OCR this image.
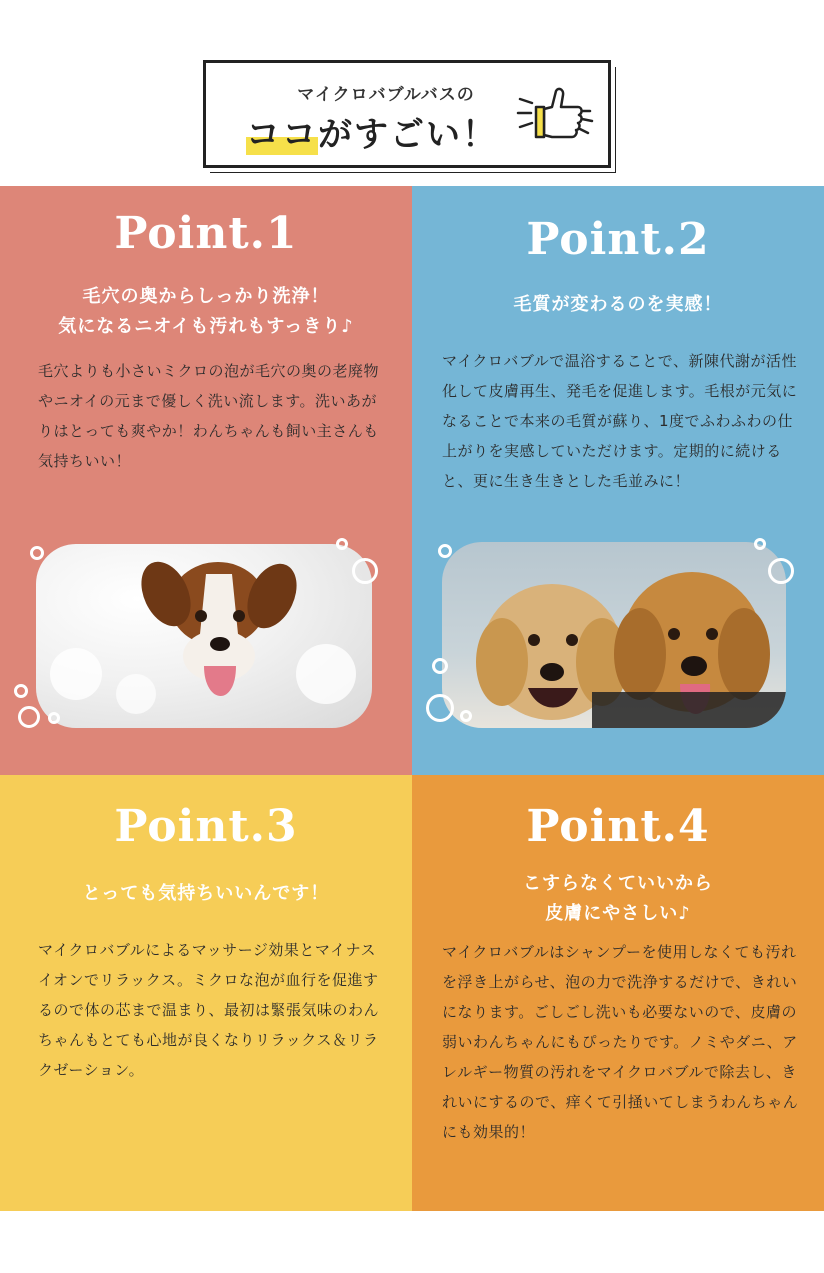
マイクロバブルバスの
ココがすごい！
Point.1
毛穴の奥からしっかり洗浄！
気になるニオイも汚れもすっきり♪
毛穴よりも小さいミクロの泡が毛穴の奥の老廃物やニオイの元まで優しく洗い流します。洗いあがりはとっても爽やか！わんちゃんも飼い主さんも気持ちいい！
Point.2
毛質が変わるのを実感！
マイクロバブルで温浴することで、新陳代謝が活性化して皮膚再生、発毛を促進します。毛根が元気になることで本来の毛質が蘇り、1度でふわふわの仕上がりを実感していただけます。定期的に続けると、更に生き生きとした毛並みに！
Point.3
とっても気持ちいいんです！
マイクロバブルによるマッサージ効果とマイナスイオンでリラックス。ミクロな泡が血行を促進するので体の芯まで温まり、最初は緊張気味のわんちゃんもとても心地が良くなりリラックス＆リラクゼーション。
Point.4
こすらなくていいから
皮膚にやさしい♪
マイクロバブルはシャンプーを使用しなくても汚れを浮き上がらせ、泡の力で洗浄するだけで、きれいになります。ごしごし洗いも必要ないので、皮膚の弱いわんちゃんにもぴったりです。ノミやダニ、アレルギー物質の汚れをマイクロバブルで除去し、きれいにするので、痒くて引掻いてしまうわんちゃんにも効果的！
